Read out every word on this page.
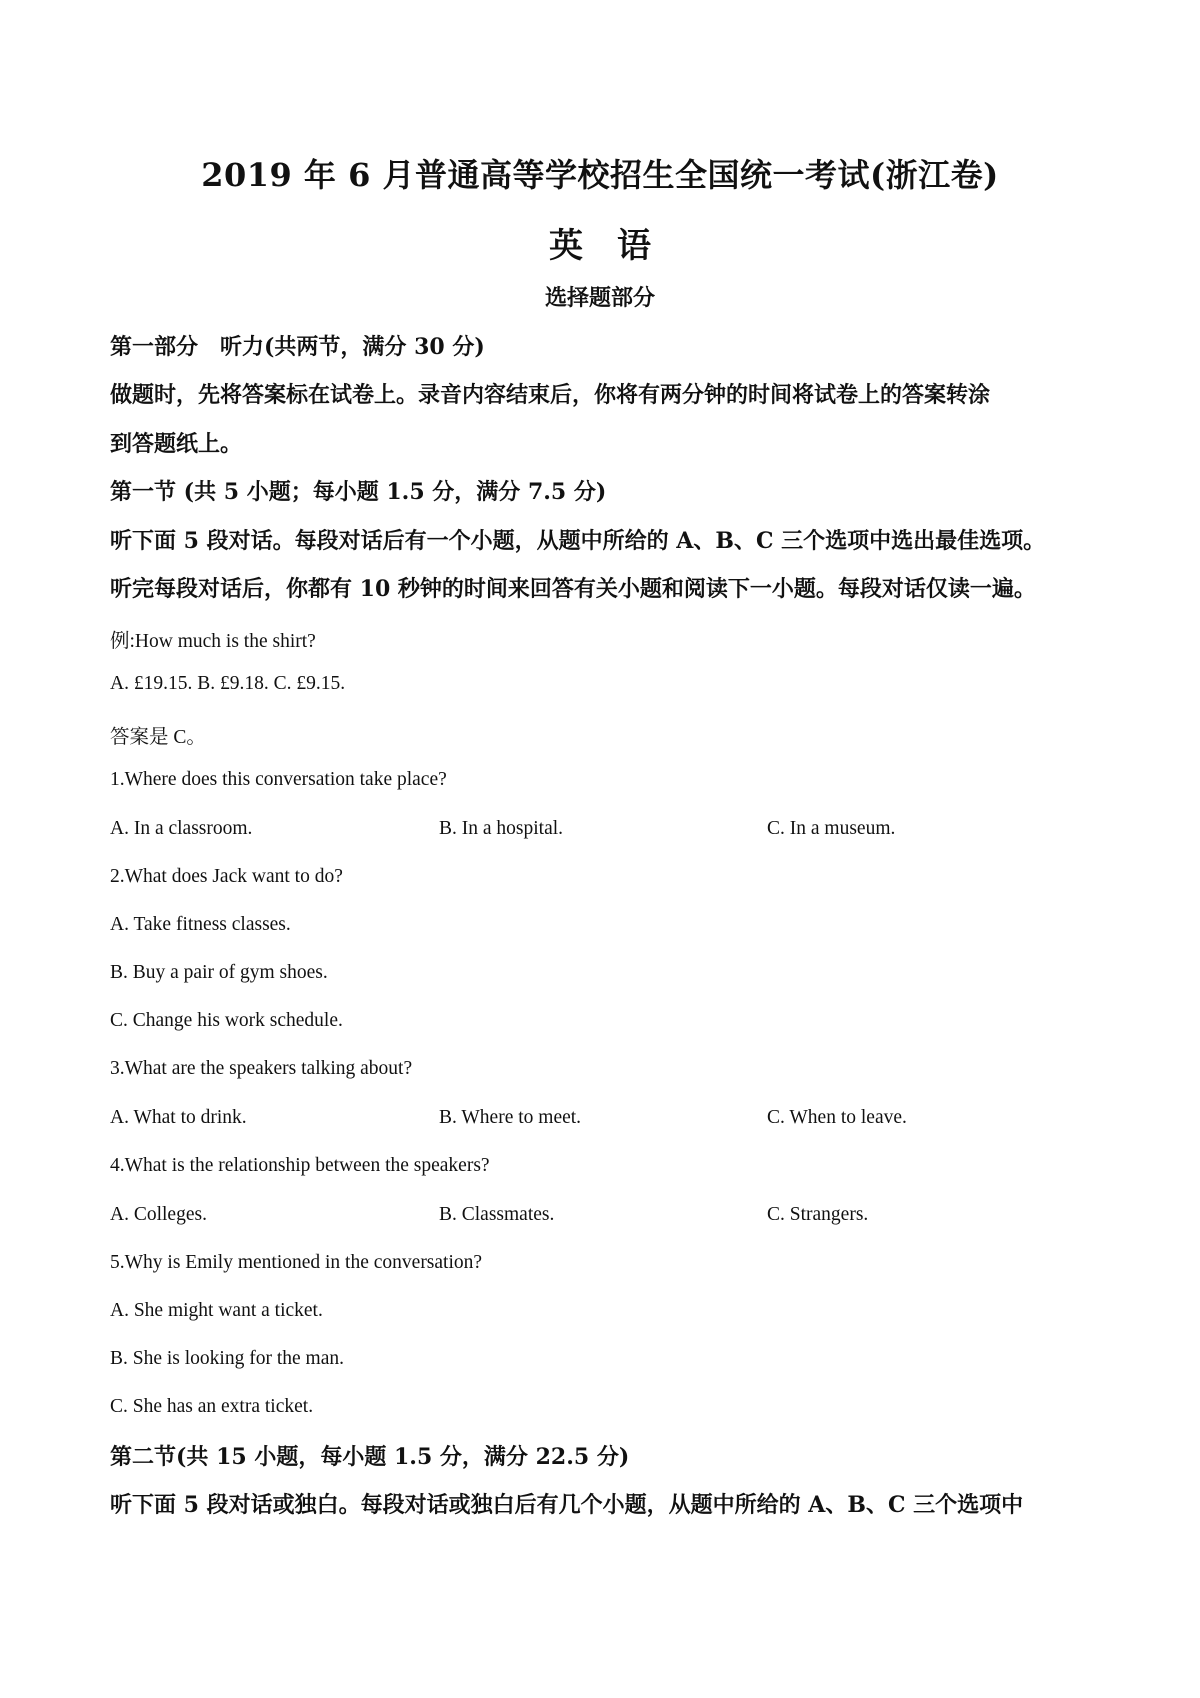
2019 年 6 月普通高等学校招生全国统一考试(浙江卷)
英语
选择题部分
第一部分　听力(共两节，满分 30 分)
做题时，先将答案标在试卷上。录音内容结束后，你将有两分钟的时间将试卷上的答案转涂
到答题纸上。
第一节 (共 5 小题；每小题 1.5 分，满分 7.5 分)
听下面 5 段对话。每段对话后有一个小题，从题中所给的 A、B、C 三个选项中选出最佳选项。
听完每段对话后，你都有 10 秒钟的时间来回答有关小题和阅读下一小题。每段对话仅读一遍。
例:How much is the shirt?
A. £19.15. B. £9.18. C. £9.15.
答案是 C。
1.Where does this conversation take place?
A. In a classroom.	B. In a hospital.	C. In a museum.
2.What does Jack want to do?
A. Take fitness classes.
B. Buy a pair of gym shoes.
C. Change his work schedule.
3.What are the speakers talking about?
A. What to drink.	B. Where to meet.	C. When to leave.
4.What is the relationship between the speakers?
A. Colleges.	B. Classmates.	C. Strangers.
5.Why is Emily mentioned in the conversation?
A. She might want a ticket.
B. She is looking for the man.
C. She has an extra ticket.
第二节(共 15 小题，每小题 1.5 分，满分 22.5 分)
听下面 5 段对话或独白。每段对话或独白后有几个小题，从题中所给的 A、B、C 三个选项中
